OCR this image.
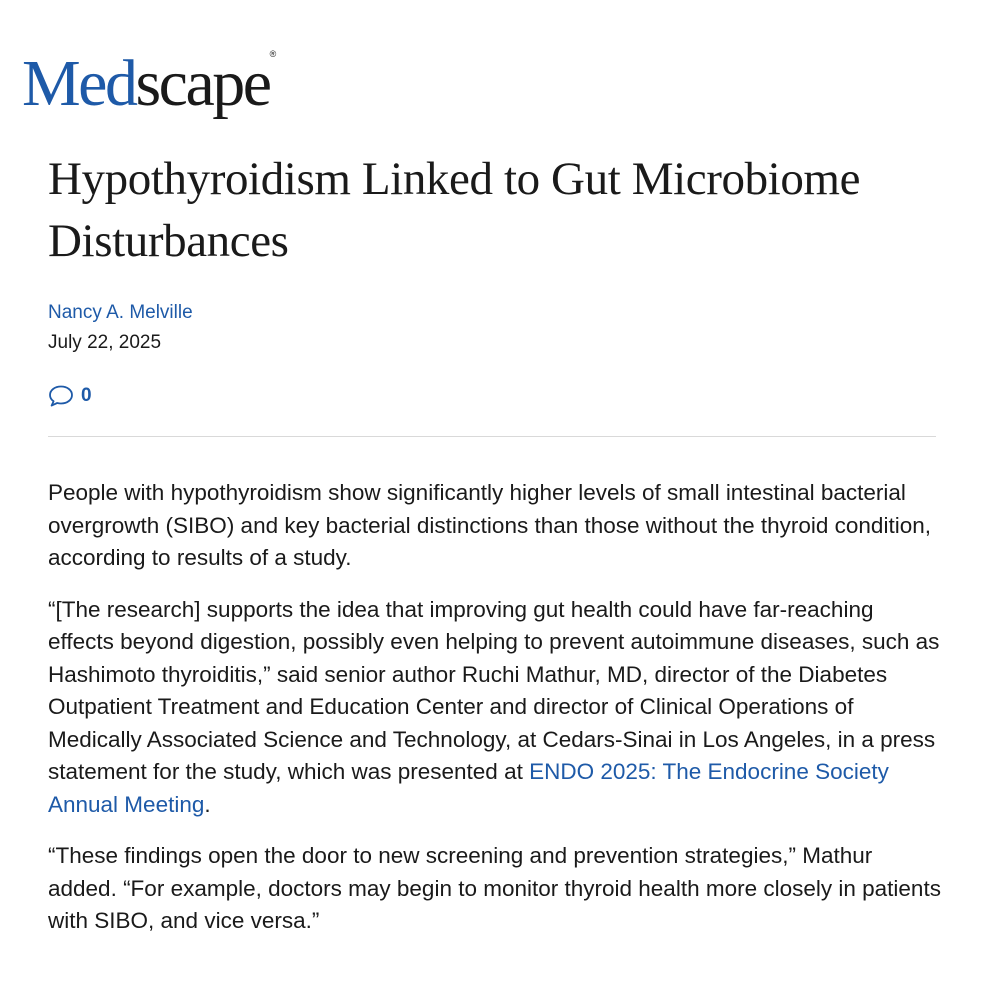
Medscape®
Hypothyroidism Linked to Gut Microbiome Disturbances
Nancy A. Melville
July 22, 2025
0

People with hypothyroidism show significantly higher levels of small intestinal bacterial overgrowth (SIBO) and key bacterial distinctions than those without the thyroid condition, according to results of a study.

“[The research] supports the idea that improving gut health could have far-reaching effects beyond digestion, possibly even helping to prevent autoimmune diseases, such as Hashimoto thyroiditis,” said senior author Ruchi Mathur, MD, director of the Diabetes Outpatient Treatment and Education Center and director of Clinical Operations of Medically Associated Science and Technology, at Cedars-Sinai in Los Angeles, in a press statement for the study, which was presented at ENDO 2025: The Endocrine Society Annual Meeting.

“These findings open the door to new screening and prevention strategies,” Mathur added. “For example, doctors may begin to monitor thyroid health more closely in patients with SIBO, and vice versa.”
